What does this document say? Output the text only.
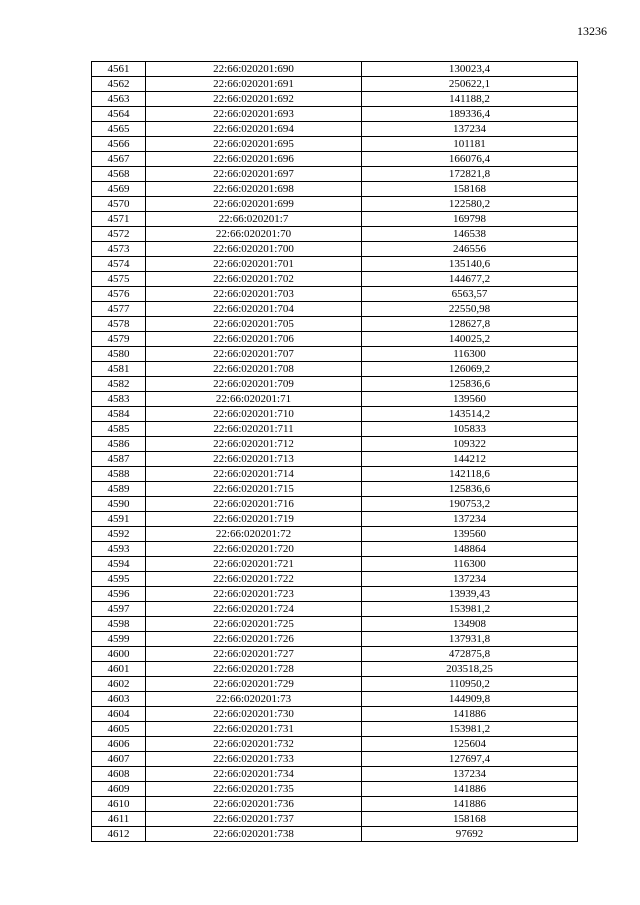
13236
4561	22:66:020201:690	130023,4
4562	22:66:020201:691	250622,1
4563	22:66:020201:692	141188,2
4564	22:66:020201:693	189336,4
4565	22:66:020201:694	137234
4566	22:66:020201:695	101181
4567	22:66:020201:696	166076,4
4568	22:66:020201:697	172821,8
4569	22:66:020201:698	158168
4570	22:66:020201:699	122580,2
4571	22:66:020201:7	169798
4572	22:66:020201:70	146538
4573	22:66:020201:700	246556
4574	22:66:020201:701	135140,6
4575	22:66:020201:702	144677,2
4576	22:66:020201:703	6563,57
4577	22:66:020201:704	22550,98
4578	22:66:020201:705	128627,8
4579	22:66:020201:706	140025,2
4580	22:66:020201:707	116300
4581	22:66:020201:708	126069,2
4582	22:66:020201:709	125836,6
4583	22:66:020201:71	139560
4584	22:66:020201:710	143514,2
4585	22:66:020201:711	105833
4586	22:66:020201:712	109322
4587	22:66:020201:713	144212
4588	22:66:020201:714	142118,6
4589	22:66:020201:715	125836,6
4590	22:66:020201:716	190753,2
4591	22:66:020201:719	137234
4592	22:66:020201:72	139560
4593	22:66:020201:720	148864
4594	22:66:020201:721	116300
4595	22:66:020201:722	137234
4596	22:66:020201:723	13939,43
4597	22:66:020201:724	153981,2
4598	22:66:020201:725	134908
4599	22:66:020201:726	137931,8
4600	22:66:020201:727	472875,8
4601	22:66:020201:728	203518,25
4602	22:66:020201:729	110950,2
4603	22:66:020201:73	144909,8
4604	22:66:020201:730	141886
4605	22:66:020201:731	153981,2
4606	22:66:020201:732	125604
4607	22:66:020201:733	127697,4
4608	22:66:020201:734	137234
4609	22:66:020201:735	141886
4610	22:66:020201:736	141886
4611	22:66:020201:737	158168
4612	22:66:020201:738	97692
